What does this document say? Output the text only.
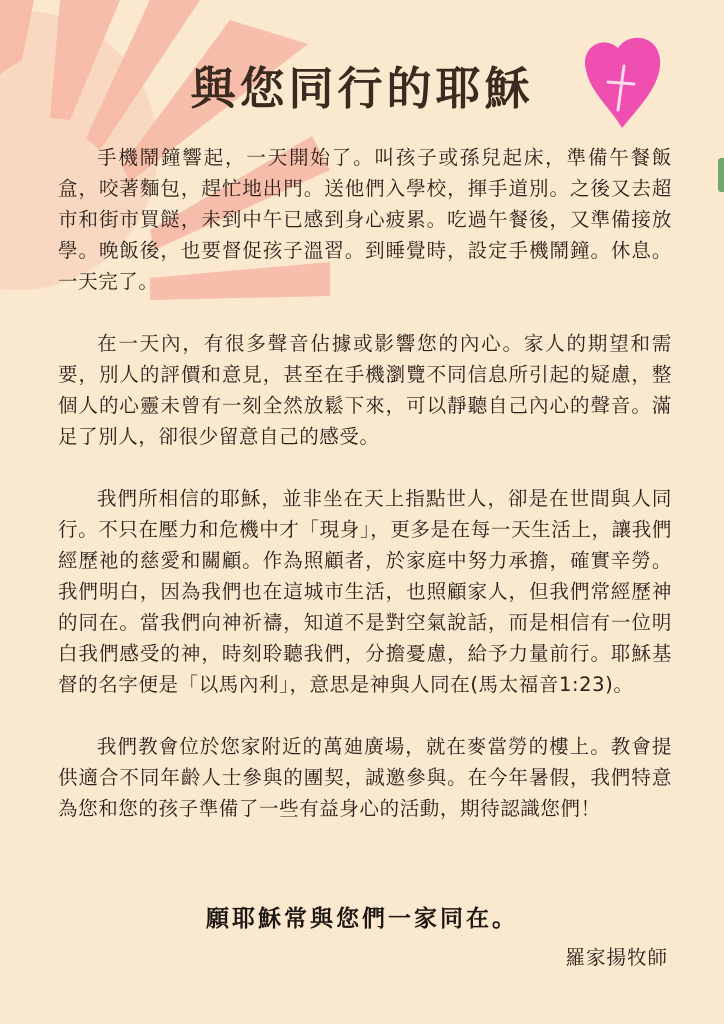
與您同行的耶穌

手機鬧鐘響起，一天開始了。叫孩子或孫兒起床，準備午餐飯盒，咬著麵包，趕忙地出門。送他們入學校，揮手道別。之後又去超市和街市買餸，未到中午已感到身心疲累。吃過午餐後，又準備接放學。晚飯後，也要督促孩子溫習。到睡覺時，設定手機鬧鐘。休息。一天完了。

在一天內，有很多聲音佔據或影響您的內心。家人的期望和需要，別人的評價和意見，甚至在手機瀏覽不同信息所引起的疑慮，整個人的心靈未曾有一刻全然放鬆下來，可以靜聽自己內心的聲音。滿足了別人，卻很少留意自己的感受。

我們所相信的耶穌，並非坐在天上指點世人，卻是在世間與人同行。不只在壓力和危機中才「現身」，更多是在每一天生活上，讓我們經歷祂的慈愛和關顧。作為照顧者，於家庭中努力承擔，確實辛勞。我們明白，因為我們也在這城市生活，也照顧家人，但我們常經歷神的同在。當我們向神祈禱，知道不是對空氣說話，而是相信有一位明白我們感受的神，時刻聆聽我們，分擔憂慮，給予力量前行。耶穌基督的名字便是「以馬內利」，意思是神與人同在(馬太福音1:23)。

我們教會位於您家附近的萬廸廣場，就在麥當勞的樓上。教會提供適合不同年齡人士參與的團契，誠邀參與。在今年暑假，我們特意為您和您的孩子準備了一些有益身心的活動，期待認識您們！

願耶穌常與您們一家同在。
羅家揚牧師
